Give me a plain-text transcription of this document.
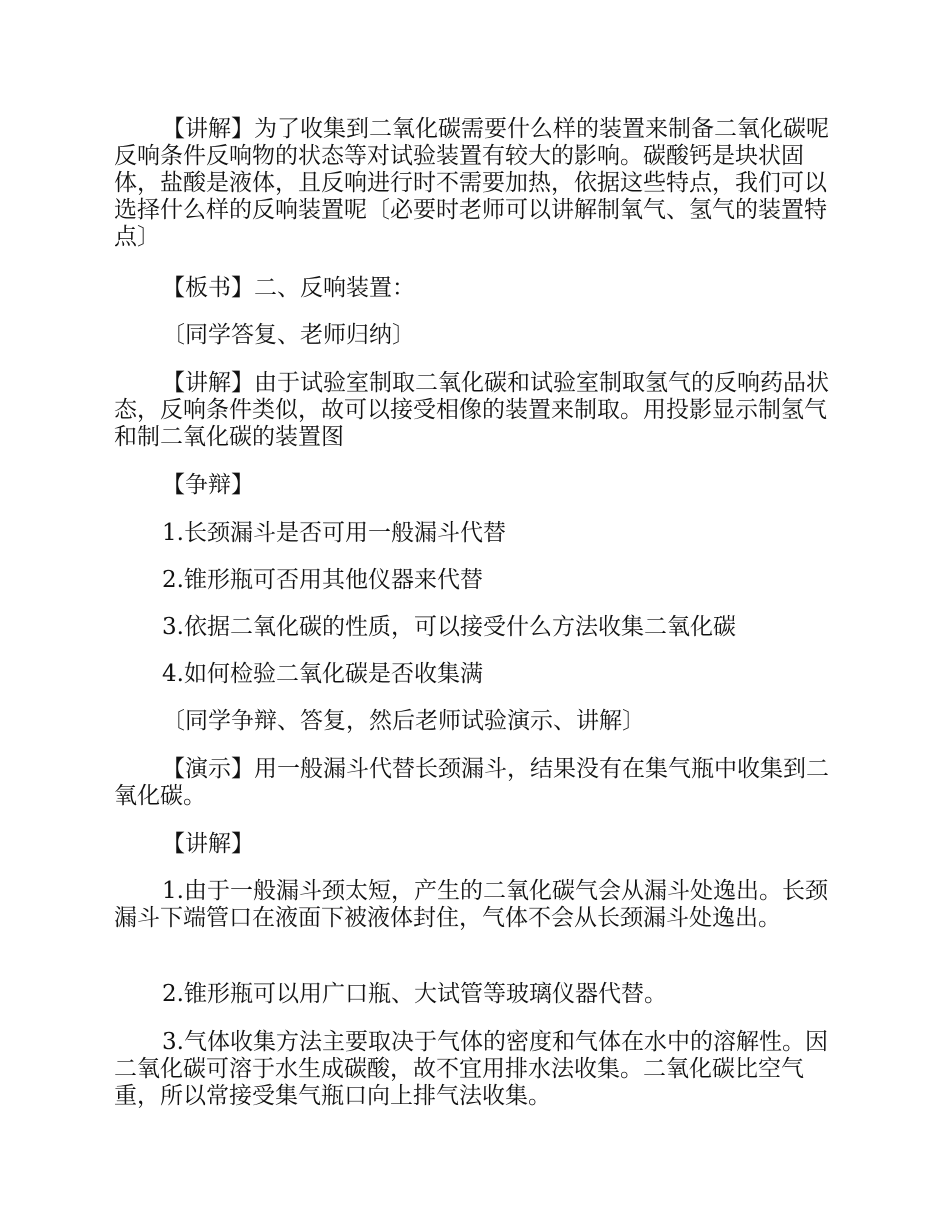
【讲解】为了收集到二氧化碳需要什么样的装置来制备二氧化碳呢反响条件反响物的状态等对试验装置有较大的影响。碳酸钙是块状固体，盐酸是液体，且反响进行时不需要加热，依据这些特点，我们可以选择什么样的反响装置呢〔必要时老师可以讲解制氧气、氢气的装置特点〕

【板书】二、反响装置：

〔同学答复、老师归纳〕

【讲解】由于试验室制取二氧化碳和试验室制取氢气的反响药品状态，反响条件类似，故可以接受相像的装置来制取。用投影显示制氢气和制二氧化碳的装置图

【争辩】

1.长颈漏斗是否可用一般漏斗代替

2.锥形瓶可否用其他仪器来代替

3.依据二氧化碳的性质，可以接受什么方法收集二氧化碳

4.如何检验二氧化碳是否收集满

〔同学争辩、答复，然后老师试验演示、讲解〕

【演示】用一般漏斗代替长颈漏斗，结果没有在集气瓶中收集到二氧化碳。

【讲解】

1.由于一般漏斗颈太短，产生的二氧化碳气会从漏斗处逸出。长颈漏斗下端管口在液面下被液体封住，气体不会从长颈漏斗处逸出。

2.锥形瓶可以用广口瓶、大试管等玻璃仪器代替。

3.气体收集方法主要取决于气体的密度和气体在水中的溶解性。因二氧化碳可溶于水生成碳酸，故不宜用排水法收集。二氧化碳比空气重，所以常接受集气瓶口向上排气法收集。
